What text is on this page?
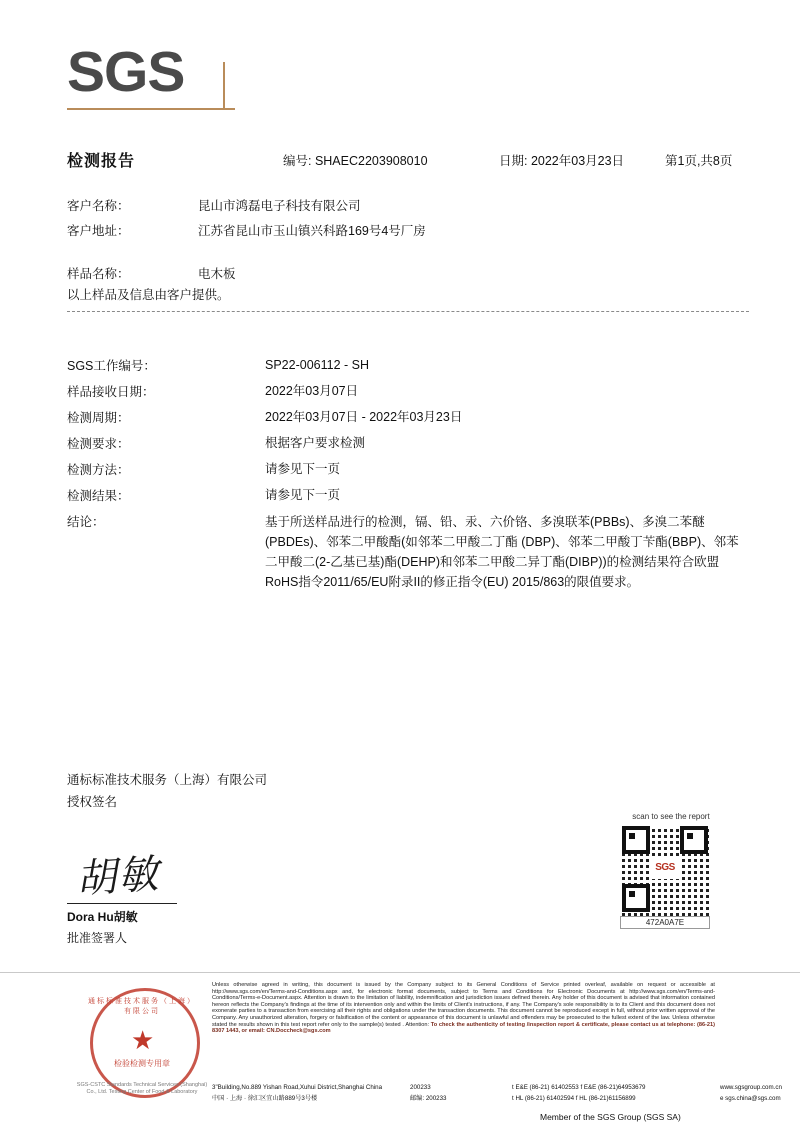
SGS
检测报告	编号: SHAEC2203908010	日期: 2022年03月23日	第1页,共8页
客户名称：	昆山市鸿磊电子科技有限公司
客户地址：	江苏省昆山市玉山镇兴科路169号4号厂房
样品名称：	电木板
以上样品及信息由客户提供。
SGS工作编号：	SP22-006112 - SH
样品接收日期：	2022年03月07日
检测周期：	2022年03月07日 - 2022年03月23日
检测要求：	根据客户要求检测
检测方法：	请参见下一页
检测结果：	请参见下一页
结论：	基于所送样品进行的检测，镉、铅、汞、六价铬、多溴联苯(PBBs)、多溴二苯醚(PBDEs)、邻苯二甲酸酯(如邻苯二甲酸二丁酯 (DBP)、邻苯二甲酸丁苄酯(BBP)、邻苯二甲酸二(2-乙基已基)酯(DEHP)和邻苯二甲酸二异丁酯(DIBP))的检测结果符合欧盟RoHS指令2011/65/EU附录II的修正指令(EU) 2015/863的限值要求。
通标标准技术服务（上海）有限公司
授权签名
胡敏
Dora Hu胡敏
批准签署人
scan to see the report
SGS
472A0A7E
通标标准技术服务（上海）有限公司
★
检验检测专用章
SGS-CSTC Standards Technical Services (Shanghai) Co., Ltd. Testing Center of Food & Laboratory
Unless otherwise agreed in writing, this document is issued by the Company subject to its General Conditions of Service printed overleaf, available on request or accessible at http://www.sgs.com/en/Terms-and-Conditions.aspx and, for electronic format documents, subject to Terms and Conditions for Electronic Documents at http://www.sgs.com/en/Terms-and-Conditions/Terms-e-Document.aspx. Attention is drawn to the limitation of liability, indemnification and jurisdiction issues defined therein. Any holder of this document is advised that information contained hereon reflects the Company's findings at the time of its intervention only and within the limits of Client's instructions, if any. The Company's sole responsibility is to its Client and this document does not exonerate parties to a transaction from exercising all their rights and obligations under the transaction documents. This document cannot be reproduced except in full, without prior written approval of the Company. Any unauthorized alteration, forgery or falsification of the content or appearance of this document is unlawful and offenders may be prosecuted to the fullest extent of the law. Unless otherwise stated the results shown in this test report refer only to the sample(s) tested . Attention: To check the authenticity of testing /inspection report & certificate, please contact us at telephone: (86-21) 8307 1443, or email: CN.Doccheck@sgs.com
3"Building,No.889 Yishan Road,Xuhui District,Shanghai China	200233	t E&E (86-21) 61402553 f E&E (86-21)64953679	www.sgsgroup.com.cn
中国 · 上海 · 徐汇区宜山路889号3号楼	邮编: 200233	t HL (86-21) 61402594 f HL (86-21)61156899	e sgs.china@sgs.com
Member of the SGS Group (SGS SA)
